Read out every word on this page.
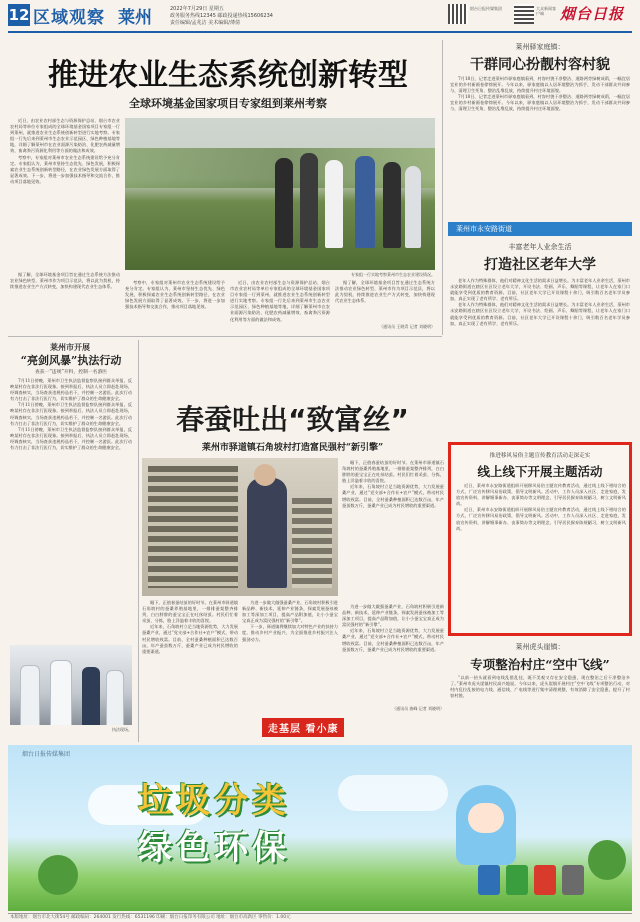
12 区域观察 莱州	2022年7月29日 星期五
政务服务热线12345 邮政投递热线15606234
责任编辑/孟兆洁 美术编辑/薄倩
烟台日报传媒集团	大众新闻客户端	烟台日报
推进农业生态系统创新转型
全球环境基金国家项目专家组到莱州考察

近日，由农业农村部生态与资源保护总站、烟台市农业农村局等单位专家组成的全球环境基金国家项目专家组一行到莱州，就推进农业生态系统创新转型进行实地考察。专家组一行先后来到莱州市生态农业示范园区、绿色种植基地等地，详细了解莱州市在农业面源污染防治、化肥农药减量增效、畜禽粪污资源化利用等方面的做法和成效。

考察中，专家组对莱州市农业生态系统建设给予充分肯定。专家组认为，莱州市坚持生态优先、绿色发展，积极探索农业生态系统创新转型路径，在农业绿色发展方面取得了显著成效。下一步，将进一步加强技术指导和交流合作，推动项目落地见效。

专家组一行实地考察莱州市生态农业建设情况。

据了解，全球环境基金项目旨在通过生态系统方法推动农业绿色转型，莱州市作为项目示范县，将以此为契机，持续推进农业生产方式转变，加快构建现代农业生态体系。

考察中，专家组对莱州市农业生态系统建设给予充分肯定。专家组认为，莱州市坚持生态优先、绿色发展，积极探索农业生态系统创新转型路径，在农业绿色发展方面取得了显著成效。下一步，将进一步加强技术指导和交流合作，推动项目落地见效。

近日，由农业农村部生态与资源保护总站、烟台市农业农村局等单位专家组成的全球环境基金国家项目专家组一行到莱州，就推进农业生态系统创新转型进行实地考察。专家组一行先后来到莱州市生态农业示范园区、绿色种植基地等地，详细了解莱州市在农业面源污染防治、化肥农药减量增效、畜禽粪污资源化利用等方面的做法和成效。

据了解，全球环境基金项目旨在通过生态系统方法推动农业绿色转型，莱州市作为项目示范县，将以此为契机，持续推进农业生产方式转变，加快构建现代农业生态体系。

（通讯员 王晓青 记者 刘晓明）
莱州驿家庭镇：
干群同心扮靓村容村貌

7月18日，记者走进莱州市驿家庭镇看到，村容村貌干净整洁、道路两旁绿树成荫，一幅宜居宜业的乡村新画卷徐徐展开。今年以来，驿家庭镇以人居环境整治为抓手，发动干部群众共同参与，清理卫生死角、整治乱堆乱放，持续提升村庄环境面貌。

7月18日，记者走进莱州市驿家庭镇看到，村容村貌干净整洁、道路两旁绿树成荫，一幅宜居宜业的乡村新画卷徐徐展开。今年以来，驿家庭镇以人居环境整治为抓手，发动干部群众共同参与，清理卫生死角、整治乱堆乱放，持续提升村庄环境面貌。

莱州市永安路街道
丰富老年人业余生活
打造社区老年大学

老年人作为特殊群体，他们对精神文化生活的需求日益增长。为丰富老年人业余生活，莱州市永安路街道在辖区社区设立老年大学，开设书法、绘画、声乐、舞蹈等课程，让老年人在家门口就能享受到优质的教育资源。目前，社区老年大学已开设课程十余门，吸引数百名老年学员参加，真正实现了老有所学、老有所乐。

老年人作为特殊群体，他们对精神文化生活的需求日益增长。为丰富老年人业余生活，莱州市永安路街道在辖区社区设立老年大学，开设书法、绘画、声乐、舞蹈等课程，让老年人在家门口就能享受到优质的教育资源。目前，社区老年大学已开设课程十余门，吸引数百名老年学员参加，真正实现了老有所学、老有所乐。

莱州市开展
“亮剑风暴”执法行动
查获一“违规”开料，控制一名游医

7月11日傍晚，莱州市卫生执法监督监察队接到群众举报，反映某村存在非法行医现象。接到举报后，执法人员立即赶赴现场，经调查核实，当场查获违规药品若干，并控制一名游医。此次行动有力打击了非法行医行为，切实维护了群众的生命健康安全。

7月11日傍晚，莱州市卫生执法监督监察队接到群众举报，反映某村存在非法行医现象。接到举报后，执法人员立即赶赴现场，经调查核实，当场查获违规药品若干，并控制一名游医。此次行动有力打击了非法行医行为，切实维护了群众的生命健康安全。

7月11日傍晚，莱州市卫生执法监督监察队接到群众举报，反映某村存在非法行医现象。接到举报后，执法人员立即赶赴现场，经调查核实，当场查获违规药品若干，并控制一名游医。此次行动有力打击了非法行医行为，切实维护了群众的生命健康安全。

执法现场。
春蚕吐出“致富丝”
莱州市驿道镇石角坡村打造富民强村“新引擎”

眼下，正值春蚕结茧的好时节。在莱州市驿道镇石角坡村的蚕桑养殖基地里，一排排蚕架整齐排列，白白胖胖的蚕宝宝正在吐丝结茧。村民们忙着采茧、分拣，脸上洋溢着丰收的喜悦。

近年来，石角坡村立足当地资源优势，大力发展蚕桑产业，通过“党支部+合作社+农户”模式，带动村民增收致富。目前，全村蚕桑种植面积已达数百亩，年产蚕茧数万斤，蚕桑产业已成为村民增收的重要渠道。

眼下，正值春蚕结茧的好时节。在莱州市驿道镇石角坡村的蚕桑养殖基地里，一排排蚕架整齐排列，白白胖胖的蚕宝宝正在吐丝结茧。村民们忙着采茧、分拣，脸上洋溢着丰收的喜悦。

近年来，石角坡村立足当地资源优势，大力发展蚕桑产业，通过“党支部+合作社+农户”模式，带动村民增收致富。目前，全村蚕桑种植面积已达数百亩，年产蚕茧数万斤，蚕桑产业已成为村民增收的重要渠道。

为进一步做大做强蚕桑产业，石角坡村积极引进新品种、新技术，延伸产业链条，探索发展蚕丝被加工等深加工项目，提高产品附加值，让小小蚕宝宝真正成为富民强村的“新引擎”。

下一步，驿道镇将继续加大对特色产业的扶持力度，推动乡村产业振兴，为全面推进乡村振兴注入强劲动力。

为进一步做大做强蚕桑产业，石角坡村积极引进新品种、新技术，延伸产业链条，探索发展蚕丝被加工等深加工项目，提高产品附加值，让小小蚕宝宝真正成为富民强村的“新引擎”。

近年来，石角坡村立足当地资源优势，大力发展蚕桑产业，通过“党支部+合作社+农户”模式，带动村民增收致富。目前，全村蚕桑种植面积已达数百亩，年产蚕茧数万斤，蚕桑产业已成为村民增收的重要渠道。

（通讯员 曲峰 记者 刘晓明）
走基层 看小康
推进移风易俗主题宣传教育活动走深走实
线上线下开展主题活动

近日，莱州市永安路街道组织开展移风易俗主题宣传教育活动，通过线上线下相结合的方式，广泛宣传移风易俗政策，倡导文明新风。活动中，工作人员深入社区、走进家庭，发放宣传资料，讲解婚事新办、丧事简办等文明理念，引导居民摒弃陈规陋习，树立文明新风尚。

近日，莱州市永安路街道组织开展移风易俗主题宣传教育活动，通过线上线下相结合的方式，广泛宣传移风易俗政策，倡导文明新风。活动中，工作人员深入社区、走进家庭，发放宣传资料，讲解婚事新办、丧事简办等文明理念，引导居民摒弃陈规陋习，树立文明新风尚。

莱州虎头崖镇：
专项整治村庄“空中飞线”

“以前一抬头就看到电线乱搭乱挂，既不美观又存在安全隐患，现在整治之后干净整洁多了。”莱州市虎头崖镇村民高兴地说。今年以来，虎头崖镇开展村庄“空中飞线”专项整治行动，对村内乱拉乱接的电力线、通信线、广电线等进行集中清理规整，有效消除了安全隐患，提升了村容村貌。

烟台日报传媒集团
垃圾分类
绿色环保
本版地址：烟台市北大街54号 邮政编码：264001 发行热线：6531196 印刷：烟台日报印务有限公司 地址：烟台市高新区 零售价：1.00元
